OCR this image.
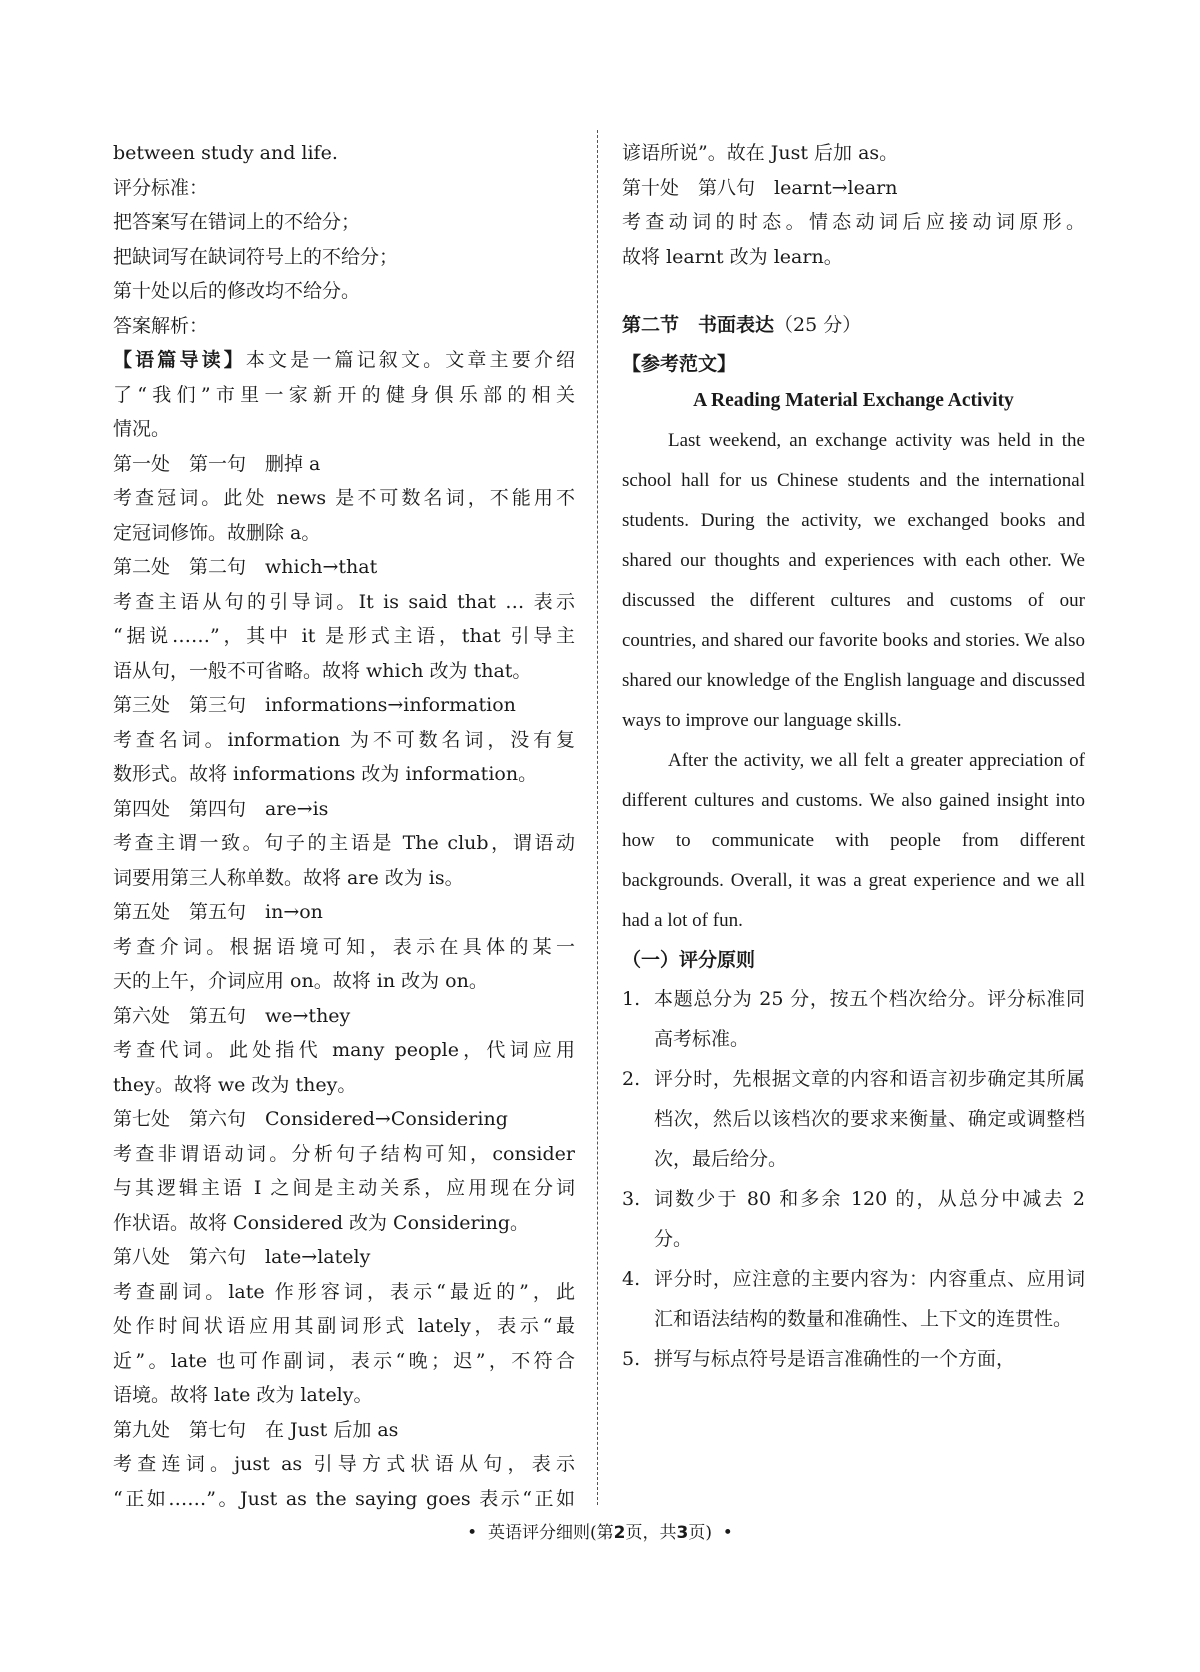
between study and life.
评分标准：
把答案写在错词上的不给分；
把缺词写在缺词符号上的不给分；
第十处以后的修改均不给分。
答案解析：
【语篇导读】本文是一篇记叙文。文章主要介绍
了“我们”市里一家新开的健身俱乐部的相关
情况。
第一处　第一句　删掉 a
考查冠词。此处 news 是不可数名词，不能用不
定冠词修饰。故删除 a。
第二处　第二句　which→that
考查主语从句的引导词。It is said that … 表示
“据说……”，其中 it 是形式主语，that 引导主
语从句，一般不可省略。故将 which 改为 that。
第三处　第三句　informations→information
考查名词。information 为不可数名词，没有复
数形式。故将 informations 改为 information。
第四处　第四句　are→is
考查主谓一致。句子的主语是 The club，谓语动
词要用第三人称单数。故将 are 改为 is。
第五处　第五句　in→on
考查介词。根据语境可知，表示在具体的某一
天的上午，介词应用 on。故将 in 改为 on。
第六处　第五句　we→they
考查代词。此处指代 many people，代词应用
they。故将 we 改为 they。
第七处　第六句　Considered→Considering
考查非谓语动词。分析句子结构可知，consider
与其逻辑主语 I 之间是主动关系，应用现在分词
作状语。故将 Considered 改为 Considering。
第八处　第六句　late→lately
考查副词。late 作形容词，表示“最近的”，此
处作时间状语应用其副词形式 lately，表示“最
近”。late 也可作副词，表示“晚；迟”，不符合
语境。故将 late 改为 lately。
第九处　第七句　在 Just 后加 as
考查连词。just as 引导方式状语从句，表示
“正如……”。Just as the saying goes 表示“正如
谚语所说”。故在 Just 后加 as。
第十处　第八句　learnt→learn
考查动词的时态。情态动词后应接动词原形。
故将 learnt 改为 learn。
第二节　书面表达（25 分）
【参考范文】
A Reading Material Exchange Activity

Last weekend, an exchange activity was held in the school hall for us Chinese students and the international students. During the activity, we exchanged books and shared our thoughts and experiences with each other. We discussed the different cultures and customs of our countries, and shared our favorite books and stories. We also shared our knowledge of the English language and discussed ways to improve our language skills.

After the activity, we all felt a greater appreciation of different cultures and customs. We also gained insight into how to communicate with people from different backgrounds. Overall, it was a great experience and we all had a lot of fun.

（一）评分原则
1. 本题总分为 25 分，按五个档次给分。评分标准同高考标准。
2. 评分时，先根据文章的内容和语言初步确定其所属档次，然后以该档次的要求来衡量、确定或调整档次，最后给分。
3. 词数少于 80 和多余 120 的，从总分中减去 2 分。
4. 评分时，应注意的主要内容为：内容重点、应用词汇和语法结构的数量和准确性、上下文的连贯性。
5. 拼写与标点符号是语言准确性的一个方面，
• 英语评分细则(第2页，共3页) •
